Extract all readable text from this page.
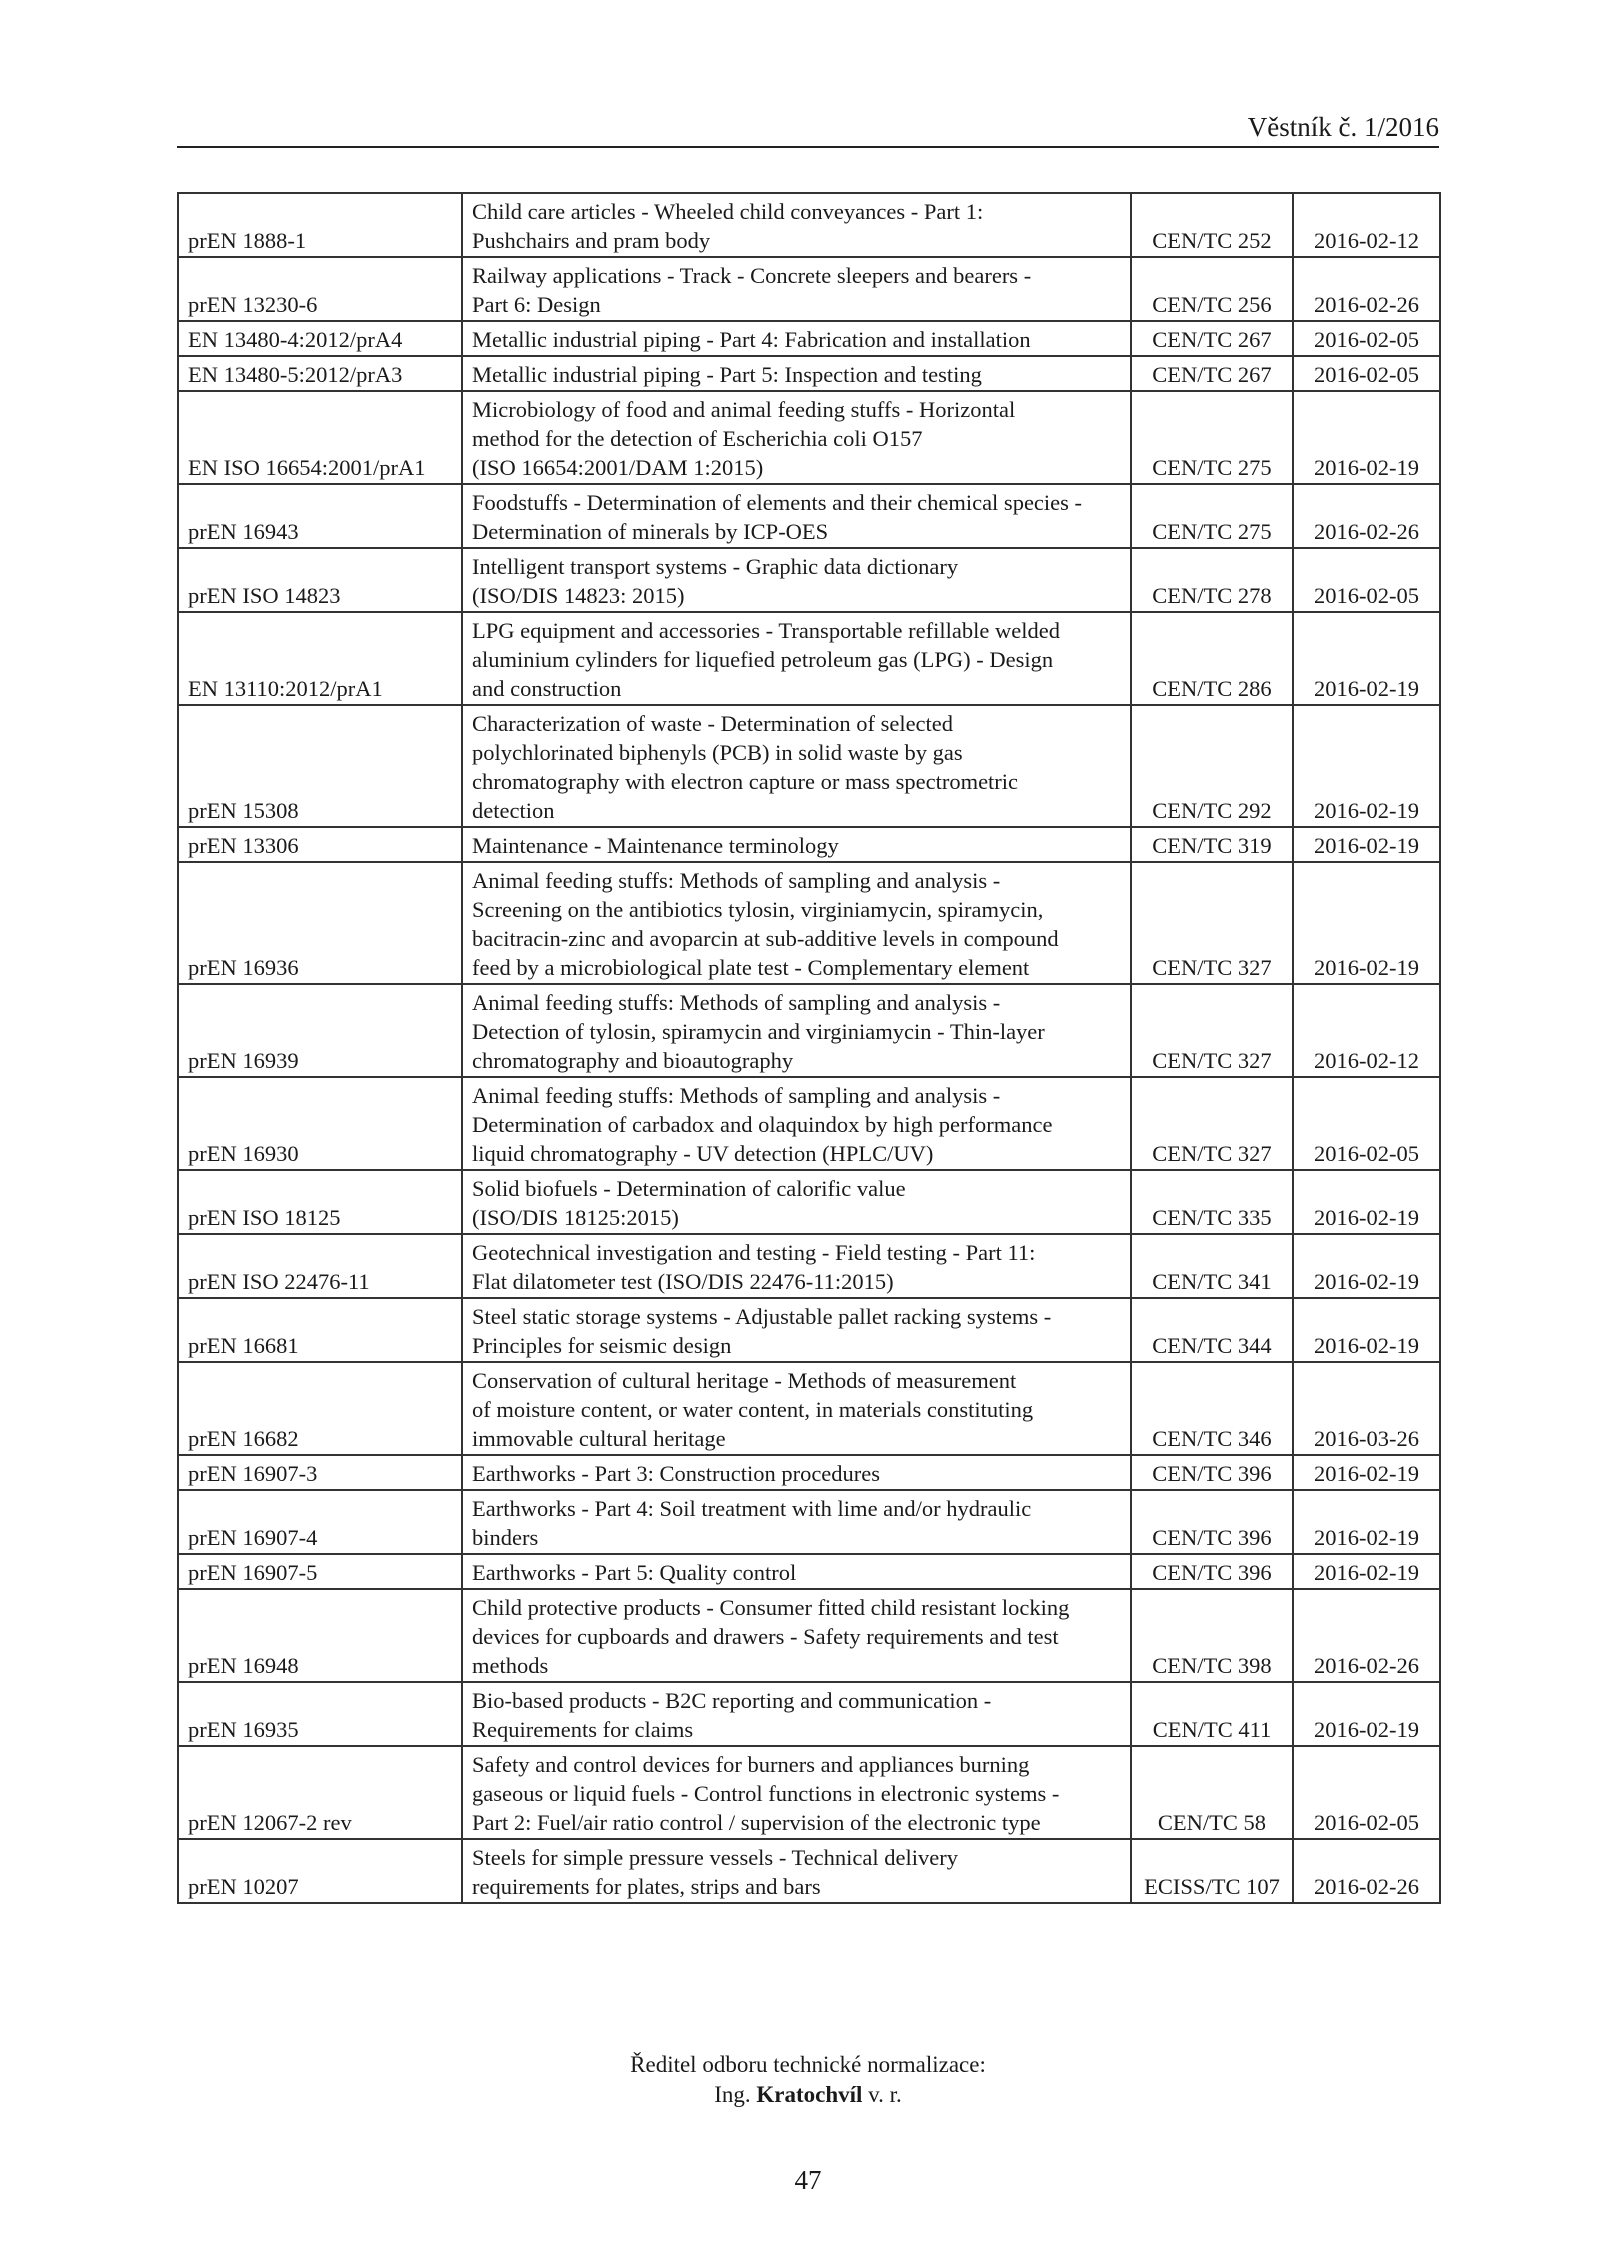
Věstník č. 1/2016
prEN 1888-1	Child care articles - Wheeled child conveyances - Part 1:
Pushchairs and pram body	CEN/TC 252	2016-02-12
prEN 13230-6	Railway applications - Track - Concrete sleepers and bearers -
Part 6: Design	CEN/TC 256	2016-02-26
EN 13480-4:2012/prA4	Metallic industrial piping - Part 4: Fabrication and installation	CEN/TC 267	2016-02-05
EN 13480-5:2012/prA3	Metallic industrial piping - Part 5: Inspection and testing	CEN/TC 267	2016-02-05
EN ISO 16654:2001/prA1	Microbiology of food and animal feeding stuffs - Horizontal
method for the detection of Escherichia coli O157
(ISO 16654:2001/DAM 1:2015)	CEN/TC 275	2016-02-19
prEN 16943	Foodstuffs - Determination of elements and their chemical species -
Determination of minerals by ICP-OES	CEN/TC 275	2016-02-26
prEN ISO 14823	Intelligent transport systems - Graphic data dictionary
(ISO/DIS 14823: 2015)	CEN/TC 278	2016-02-05
EN 13110:2012/prA1	LPG equipment and accessories - Transportable refillable welded
aluminium cylinders for liquefied petroleum gas (LPG) - Design
and construction	CEN/TC 286	2016-02-19
prEN 15308	Characterization of waste - Determination of selected
polychlorinated biphenyls (PCB) in solid waste by gas
chromatography with electron capture or mass spectrometric
detection	CEN/TC 292	2016-02-19
prEN 13306	Maintenance - Maintenance terminology	CEN/TC 319	2016-02-19
prEN 16936	Animal feeding stuffs: Methods of sampling and analysis -
Screening on the antibiotics tylosin, virginiamycin, spiramycin,
bacitracin-zinc and avoparcin at sub-additive levels in compound
feed by a microbiological plate test - Complementary element	CEN/TC 327	2016-02-19
prEN 16939	Animal feeding stuffs: Methods of sampling and analysis -
Detection of tylosin, spiramycin and virginiamycin - Thin-layer
chromatography and bioautography	CEN/TC 327	2016-02-12
prEN 16930	Animal feeding stuffs: Methods of sampling and analysis -
Determination of carbadox and olaquindox by high performance
liquid chromatography - UV detection (HPLC/UV)	CEN/TC 327	2016-02-05
prEN ISO 18125	Solid biofuels - Determination of calorific value
(ISO/DIS 18125:2015)	CEN/TC 335	2016-02-19
prEN ISO 22476-11	Geotechnical investigation and testing - Field testing - Part 11:
Flat dilatometer test (ISO/DIS 22476-11:2015)	CEN/TC 341	2016-02-19
prEN 16681	Steel static storage systems - Adjustable pallet racking systems -
Principles for seismic design	CEN/TC 344	2016-02-19
prEN 16682	Conservation of cultural heritage - Methods of measurement
of moisture content, or water content, in materials constituting
immovable cultural heritage	CEN/TC 346	2016-03-26
prEN 16907-3	Earthworks - Part 3: Construction procedures	CEN/TC 396	2016-02-19
prEN 16907-4	Earthworks - Part 4: Soil treatment with lime and/or hydraulic
binders	CEN/TC 396	2016-02-19
prEN 16907-5	Earthworks - Part 5: Quality control	CEN/TC 396	2016-02-19
prEN 16948	Child protective products - Consumer fitted child resistant locking
devices for cupboards and drawers - Safety requirements and test
methods	CEN/TC 398	2016-02-26
prEN 16935	Bio-based products - B2C reporting and communication -
Requirements for claims	CEN/TC 411	2016-02-19
prEN 12067-2 rev	Safety and control devices for burners and appliances burning
gaseous or liquid fuels - Control functions in electronic systems -
Part 2: Fuel/air ratio control / supervision of the electronic type	CEN/TC 58	2016-02-05
prEN 10207	Steels for simple pressure vessels - Technical delivery
requirements for plates, strips and bars	ECISS/TC 107	2016-02-26
Ředitel odboru technické normalizace:
Ing. Kratochvíl v. r.
47
